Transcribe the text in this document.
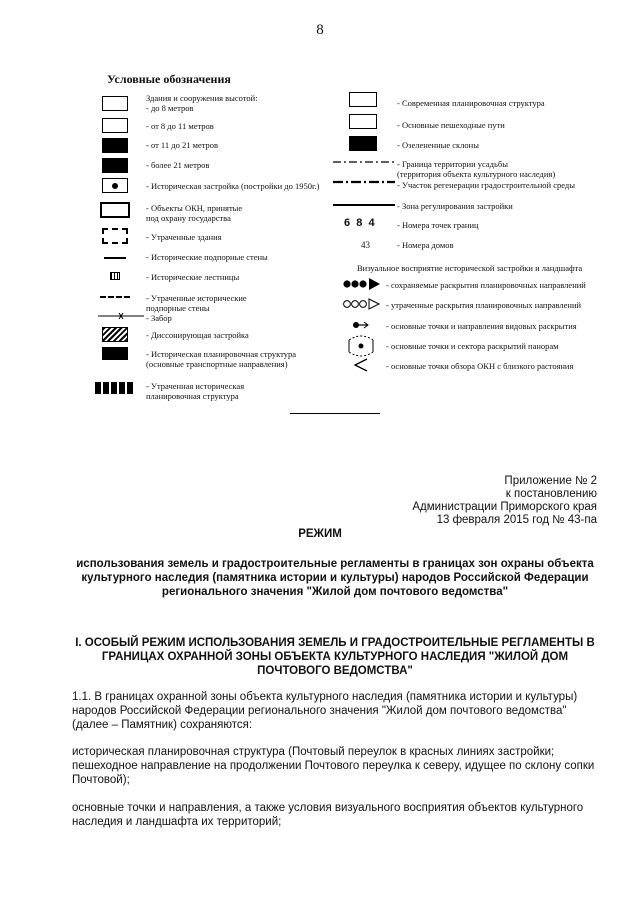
8
Условные обозначения
Здания и сооружения высотой:
- до 8 метров
- от 8 до 11 метров
- от 11 до 21 метров
- более 21 метров
- Историческая застройка (постройки до 1950г.)
- Объекты ОКН, принятые
под охрану государства
- Утраченные здания
- Исторические подпорные стены
- Исторические лестницы
- Утраченные исторические
подпорные стены
- Забор
- Диссонирующая застройка
- Историческая планировочная структура
(основные транспортные направления)
- Утраченная историческая
планировочная структура
6  8  4
43
- Современная планировочная структура
- Основные пешеходные пути
- Озелененные склоны
- Граница территории усадьбы
(территория объекта культурного наследия)
- Участок регенерации градостроительной среды
- Зона регулирования застройки
- Номера точек границ
- Номера домов
Визуальное восприятие исторической застройки и ландшафта
- сохраняемые раскрытия планировочных направлений
- утраченные раскрытия планировочных направлений
- основные точки и направления видовых раскрытия
- основные точки и сектора раскрытий панорам
- основные точки обзора ОКН с близкого растояния
Приложение № 2
к постановлению
Администрации Приморского края
13 февраля 2015 год № 43-па
РЕЖИМ
использования земель и градостроительные регламенты в границах зон охраны объекта культурного наследия (памятника истории и культуры) народов Российской Федерации регионального значения "Жилой дом почтового ведомства"
I. ОСОБЫЙ РЕЖИМ ИСПОЛЬЗОВАНИЯ ЗЕМЕЛЬ И ГРАДОСТРОИТЕЛЬНЫЕ РЕГЛАМЕНТЫ В ГРАНИЦАХ ОХРАННОЙ ЗОНЫ ОБЪЕКТА КУЛЬТУРНОГО НАСЛЕДИЯ "ЖИЛОЙ ДОМ ПОЧТОВОГО ВЕДОМСТВА"
1.1. В границах охранной зоны объекта культурного наследия (памятника истории и культуры) народов Российской Федерации регионального значения "Жилой дом почтового ведомства" (далее – Памятник) сохраняются:
историческая планировочная структура (Почтовый переулок в красных линиях застройки; пешеходное направление на продолжении Почтового переулка к северу, идущее по склону сопки Почтовой);
основные точки и направления, а также условия визуального восприятия объектов культурного наследия и ландшафта их территорий;
